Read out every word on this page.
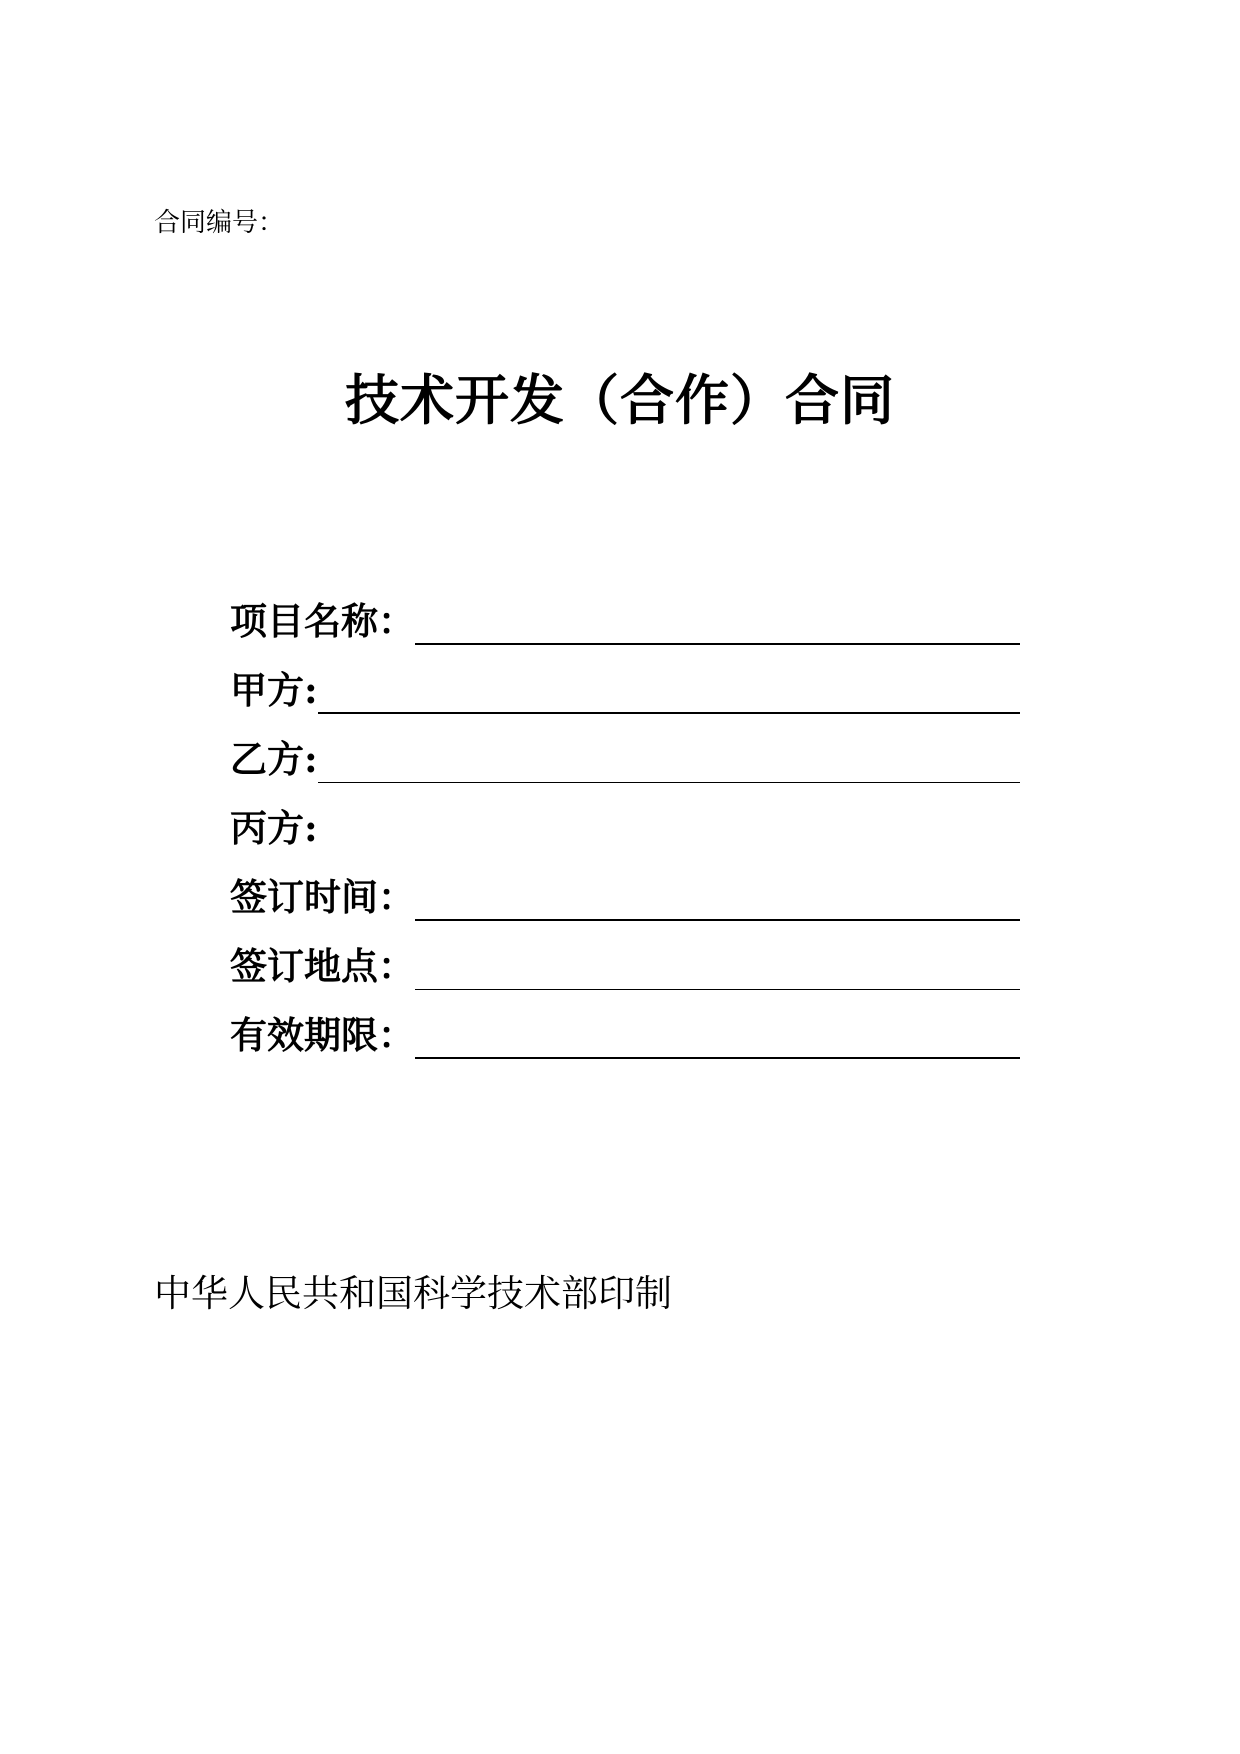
合同编号：
技术开发（合作）合同
项目名称：
甲方:
乙方:
丙方:
签订时间：
签订地点：
有效期限：
中华人民共和国科学技术部印制
